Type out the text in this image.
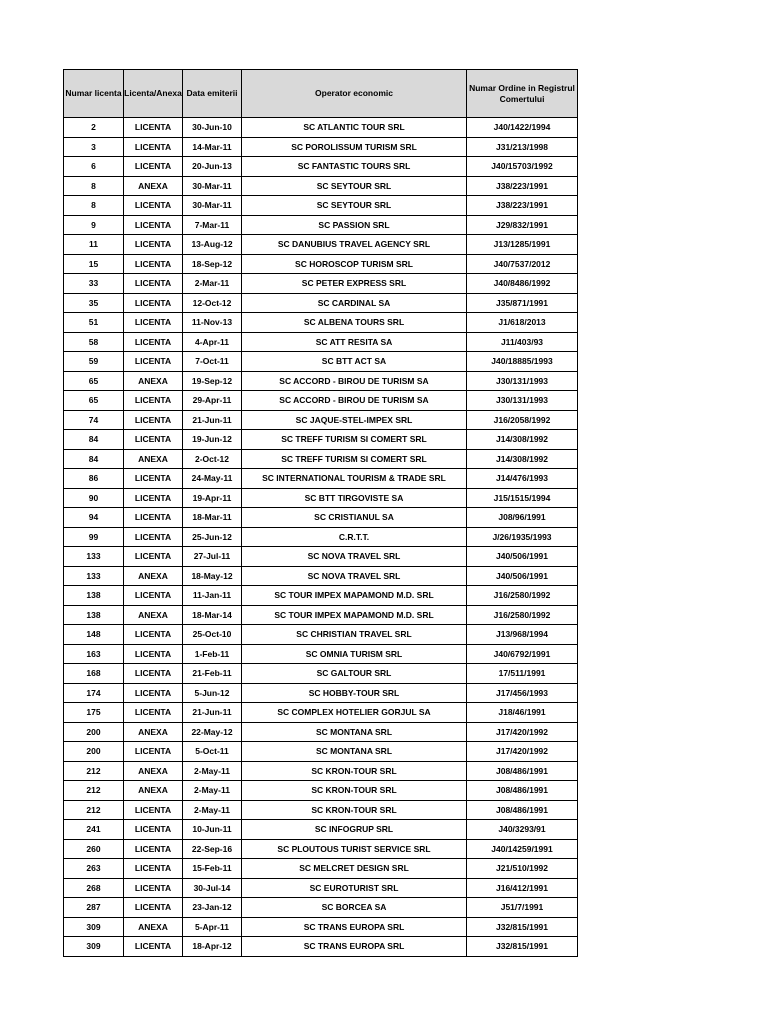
Numar licenta	Licenta/Anexa	Data emiterii	Operator economic	Numar Ordine in Registrul Comertului
2	LICENTA	30-Jun-10	SC ATLANTIC TOUR SRL	J40/1422/1994
3	LICENTA	14-Mar-11	SC POROLISSUM TURISM SRL	J31/213/1998
6	LICENTA	20-Jun-13	SC FANTASTIC TOURS SRL	J40/15703/1992
8	ANEXA	30-Mar-11	SC SEYTOUR SRL	J38/223/1991
8	LICENTA	30-Mar-11	SC SEYTOUR SRL	J38/223/1991
9	LICENTA	7-Mar-11	SC PASSION SRL	J29/832/1991
11	LICENTA	13-Aug-12	SC DANUBIUS TRAVEL AGENCY SRL	J13/1285/1991
15	LICENTA	18-Sep-12	SC HOROSCOP TURISM SRL	J40/7537/2012
33	LICENTA	2-Mar-11	SC PETER EXPRESS SRL	J40/8486/1992
35	LICENTA	12-Oct-12	SC CARDINAL SA	J35/871/1991
51	LICENTA	11-Nov-13	SC ALBENA TOURS SRL	J1/618/2013
58	LICENTA	4-Apr-11	SC ATT RESITA SA	J11/403/93
59	LICENTA	7-Oct-11	SC BTT ACT SA	J40/18885/1993
65	ANEXA	19-Sep-12	SC ACCORD - BIROU DE TURISM SA	J30/131/1993
65	LICENTA	29-Apr-11	SC ACCORD - BIROU DE TURISM SA	J30/131/1993
74	LICENTA	21-Jun-11	SC JAQUE-STEL-IMPEX SRL	J16/2058/1992
84	LICENTA	19-Jun-12	SC TREFF TURISM SI COMERT SRL	J14/308/1992
84	ANEXA	2-Oct-12	SC TREFF TURISM SI COMERT SRL	J14/308/1992
86	LICENTA	24-May-11	SC INTERNATIONAL TOURISM & TRADE SRL	J14/476/1993
90	LICENTA	19-Apr-11	SC BTT TIRGOVISTE SA	J15/1515/1994
94	LICENTA	18-Mar-11	SC CRISTIANUL SA	J08/96/1991
99	LICENTA	25-Jun-12	C.R.T.T.	J/26/1935/1993
133	LICENTA	27-Jul-11	SC NOVA TRAVEL SRL	J40/506/1991
133	ANEXA	18-May-12	SC NOVA TRAVEL SRL	J40/506/1991
138	LICENTA	11-Jan-11	SC TOUR IMPEX MAPAMOND M.D. SRL	J16/2580/1992
138	ANEXA	18-Mar-14	SC TOUR IMPEX MAPAMOND M.D. SRL	J16/2580/1992
148	LICENTA	25-Oct-10	SC CHRISTIAN TRAVEL SRL	J13/968/1994
163	LICENTA	1-Feb-11	SC OMNIA TURISM SRL	J40/6792/1991
168	LICENTA	21-Feb-11	SC GALTOUR SRL	17/511/1991
174	LICENTA	5-Jun-12	SC HOBBY-TOUR SRL	J17/456/1993
175	LICENTA	21-Jun-11	SC COMPLEX HOTELIER GORJUL SA	J18/46/1991
200	ANEXA	22-May-12	SC MONTANA SRL	J17/420/1992
200	LICENTA	5-Oct-11	SC MONTANA SRL	J17/420/1992
212	ANEXA	2-May-11	SC KRON-TOUR SRL	J08/486/1991
212	ANEXA	2-May-11	SC KRON-TOUR SRL	J08/486/1991
212	LICENTA	2-May-11	SC KRON-TOUR SRL	J08/486/1991
241	LICENTA	10-Jun-11	SC INFOGRUP SRL	J40/3293/91
260	LICENTA	22-Sep-16	SC PLOUTOUS TURIST SERVICE SRL	J40/14259/1991
263	LICENTA	15-Feb-11	SC MELCRET DESIGN SRL	J21/510/1992
268	LICENTA	30-Jul-14	SC EUROTURIST SRL	J16/412/1991
287	LICENTA	23-Jan-12	SC BORCEA SA	J51/7/1991
309	ANEXA	5-Apr-11	SC TRANS EUROPA SRL	J32/815/1991
309	LICENTA	18-Apr-12	SC TRANS EUROPA SRL	J32/815/1991
